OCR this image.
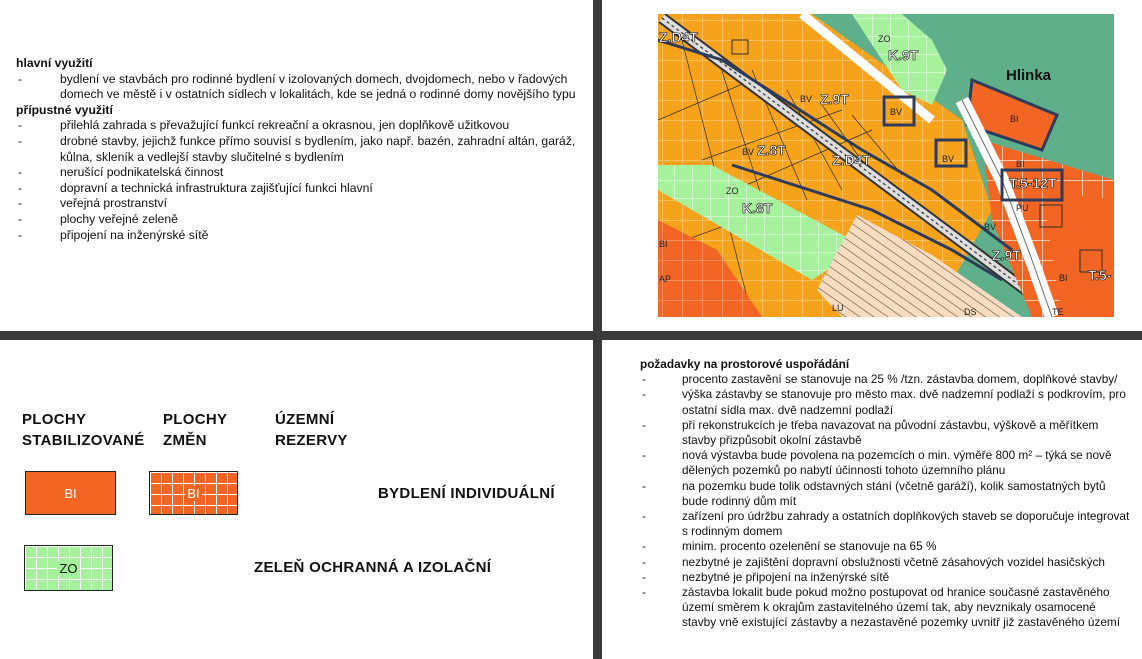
hlavní využití
-	bydlení ve stavbách pro rodinné bydlení v izolovaných domech, dvojdomech, nebo v řadových domech ve městě i v ostatních sídlech v lokalitách, kde se jedná o rodinné domy novějšího typu
přípustné využití
-	přilehlá zahrada s převažující funkcí rekreační a okrasnou, jen doplňkově užitkovou
-	drobné stavby, jejichž funkce přímo souvisí s bydlením, jako např. bazén, zahradní altán, garáž, kůlna, skleník a vedlejší stavby slučitelné s bydlením
-	nerušící podnikatelská činnost
-	dopravní a technická infrastruktura zajišťující funkci hlavní
-	veřejná prostranství
-	plochy veřejné zeleně
-	připojení na inženýrské sítě
Z.D4T
K.9T
Z.9T
Z.8T
Z.D4T
K.8T
T.5-12T
Z.9T
T.5-
ZO
BV
BV
BV
BV
ZO
BI
BI
PU
BV
BI
BI
AP
LU	DS	TE
Hlinka
PLOCHY
STABILIZOVANÉ
PLOCHY
ZMĚN
ÚZEMNÍ
REZERVY
BI	BI	BYDLENÍ INDIVIDUÁLNÍ
ZO	ZELEŇ OCHRANNÁ A IZOLAČNÍ
požadavky na prostorové uspořádání
-	procento zastavění se stanovuje na 25 % /tzn. zástavba domem, doplňkové stavby/
-	výška zástavby se stanovuje pro město max. dvě nadzemní podlaží s podkrovím, pro ostatní sídla max. dvě nadzemní podlaží
-	při rekonstrukcích je třeba navazovat na původní zástavbu, výškově a měřítkem stavby přizpůsobit okolní zástavbě
-	nová výstavba bude povolena na pozemcích o min. výměře 800 m² – týká se nově dělených pozemků po nabytí účinnosti tohoto územního plánu
-	na pozemku bude tolik odstavných stání (včetně garáží), kolik samostatných bytů bude rodinný dům mít
-	zařízení pro údržbu zahrady a ostatních doplňkových staveb se doporučuje integrovat s rodinným domem
-	minim. procento ozelenění se stanovuje na 65 %
-	nezbytné je zajištění dopravní obslužnosti včetně zásahových vozidel hasičských
-	nezbytné je připojení na inženýrské sítě
-	zástavba lokalit bude pokud možno postupovat od hranice současné zastavěného území směrem k okrajům zastavitelného území tak, aby nevznikaly osamocené stavby vně existující zástavby a nezastavěné pozemky uvnitř již zastavěného území
